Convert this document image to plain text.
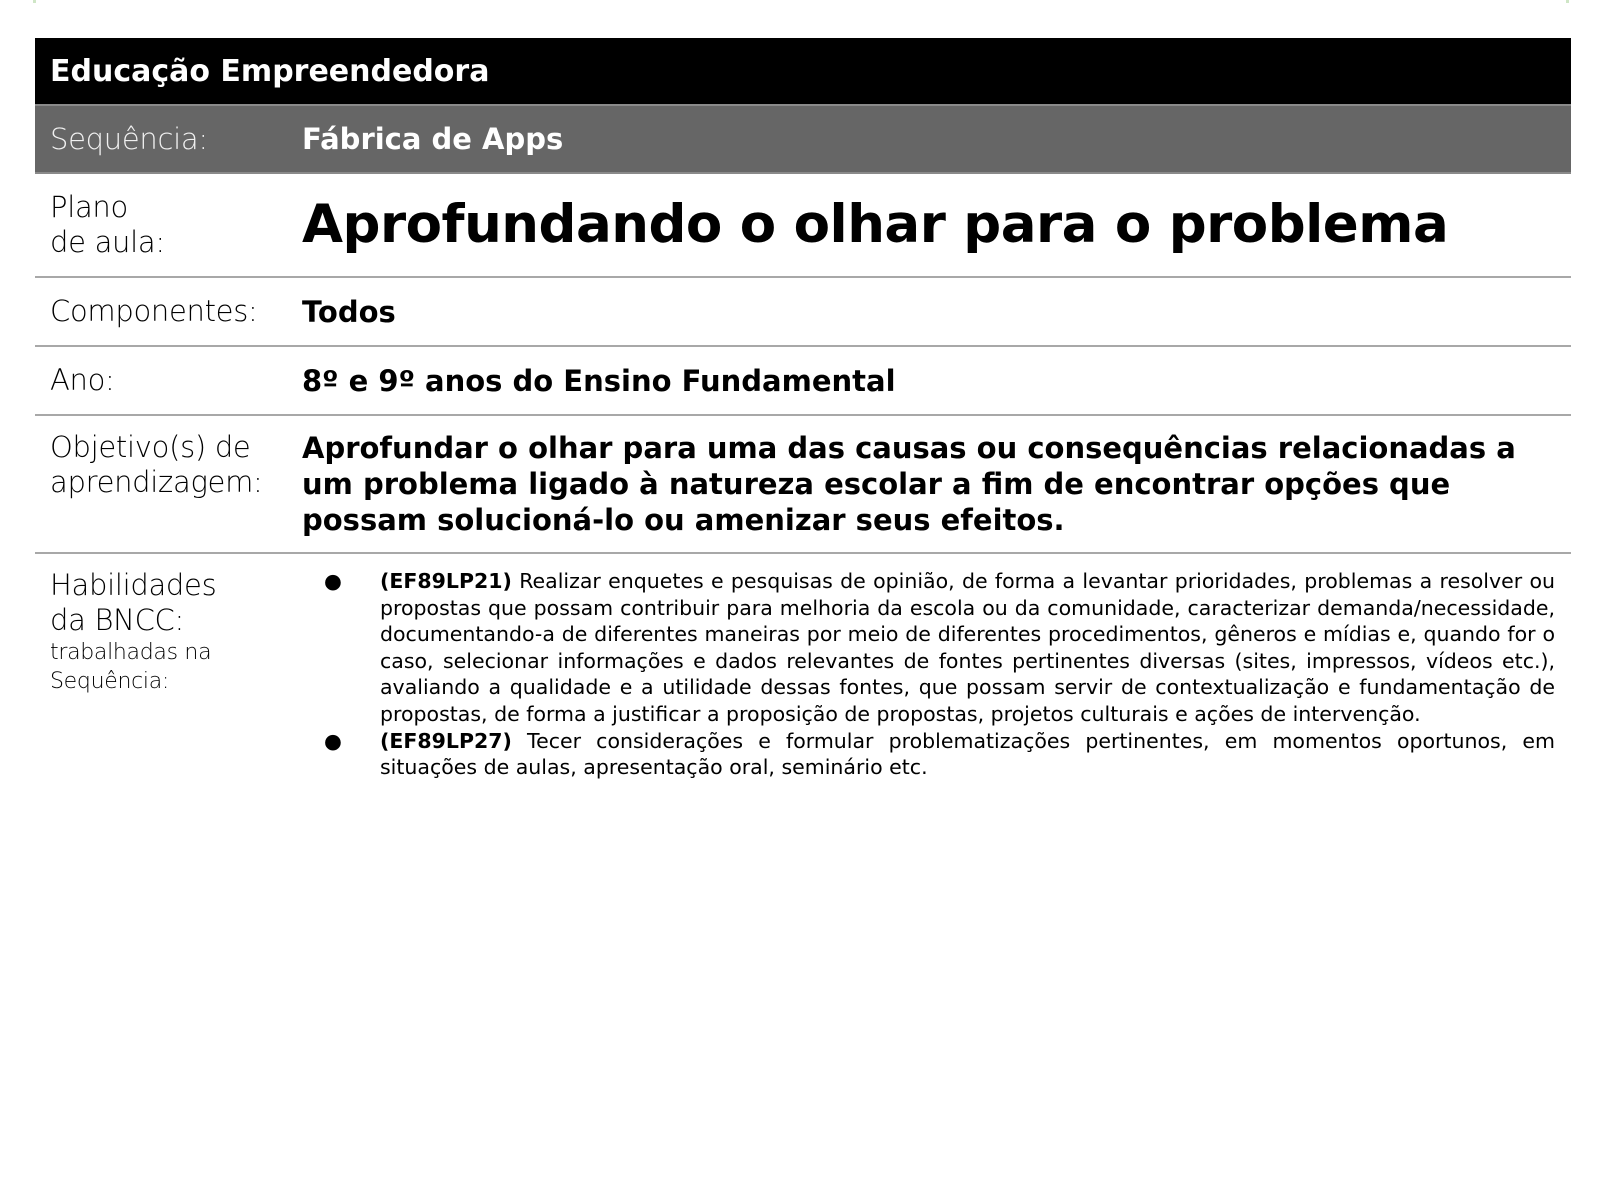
Educação Empreendedora
Sequência:	Fábrica de Apps
Plano
de aula:	Aprofundando o olhar para o problema
Componentes:	Todos
Ano:	8º e 9º anos do Ensino Fundamental
Objetivo(s) de
aprendizagem:
Aprofundar o olhar para uma das causas ou consequências relacionadas a um problema ligado à natureza escolar a fim de encontrar opções que possam solucioná-lo ou amenizar seus efeitos.
Habilidades
da BNCC:
trabalhadas na
Sequência:
●	(EF89LP21) Realizar enquetes e pesquisas de opinião, de forma a levantar prioridades, problemas a resolver ou propostas que possam contribuir para melhoria da escola ou da comunidade, caracterizar demanda/necessidade, documentando-a de diferentes maneiras por meio de diferentes procedimentos, gêneros e mídias e, quando for o caso, selecionar informações e dados relevantes de fontes pertinentes diversas (sites, impressos, vídeos etc.), avaliando a qualidade e a utilidade dessas fontes, que possam servir de contextualização e fundamentação de propostas, de forma a justificar a proposição de propostas, projetos culturais e ações de intervenção.
●	(EF89LP27) Tecer considerações e formular problematizações pertinentes, em momentos oportunos, em situações de aulas, apresentação oral, seminário etc.
